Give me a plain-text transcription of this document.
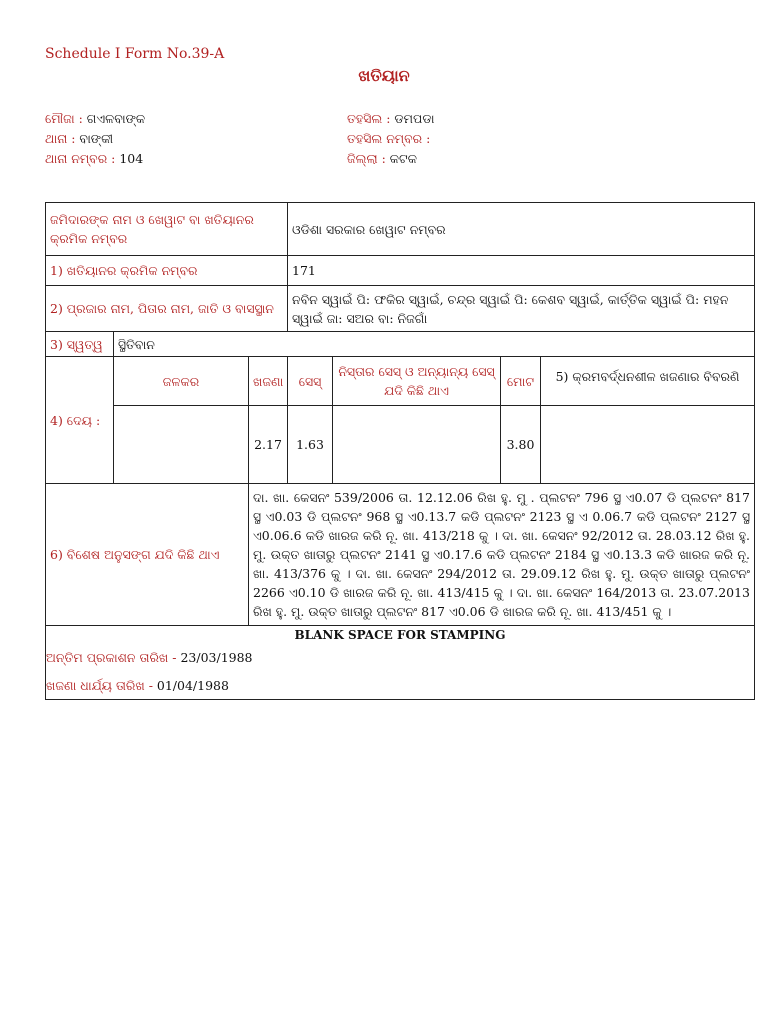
Schedule I Form No.39-A
ଖତିୟାନ
ମୌଜା : ଗଏଳବାଙ୍କ
ଥାନା : ବାଙ୍କୀ
ଥାନା ନମ୍ବର : 104
ତହସିଲ : ଡମପଡା
ତହସିଲ ନମ୍ବର :
ଜିଲ୍ଲା : କଟକ
ଜମିଦାରଙ୍କ ନାମ ଓ ଖେୱାଟ ବା ଖତିୟାନର କ୍ରମିକ ନମ୍ବର			ଓଡିଶା ସରକାର ଖେୱାଟ ନମ୍ବର			
1) ଖତିୟାନର କ୍ରମିକ ନମ୍ବର			171			
2) ପ୍ରଜାର ନାମ, ପିତାର ନାମ, ଜାତି ଓ ବାସସ୍ଥାନ			ନବିନ ସ୍ୱାଇଁ ପି: ଫକିର ସ୍ୱାଇଁ, ଚନ୍ଦ୍ର ସ୍ୱାଇଁ ପି: କେଶବ ସ୍ୱାଇଁ, କାର୍ତ୍ତିକ ସ୍ୱାଇଁ ପି: ମହନ ସ୍ୱାଇଁ ଜା: ସଅର ବା: ନିଜଗାଁ			
3) ସ୍ୱତ୍ୱ	ସ୍ଥିତିବାନ					
4) ଦେୟ :	ଜଳକର	ଖଜଣା	ସେସ୍	ନିସ୍ତାର ସେସ୍ ଓ ଅନ୍ୟାନ୍ୟ ସେସ୍ ଯଦି କିଛି ଥାଏ	ମୋଟ	5) କ୍ରମବର୍ଦ୍ଧନଶୀଳ ଖଜଣାର ବିବରଣି
		2.17	1.63		3.80	
6) ବିଶେଷ ଅନୁସଙ୍ଗ ଯଦି କିଛି ଥାଏ		ଦା. ଖା. କେସନଂ 539/2006 ତା. 12.12.06 ରିଖ ହୁ. ମୁ . ପ୍ଲଟନଂ 796 ସ୍ଥ ଏ0.07 ଡି ପ୍ଲଟନଂ 817 ସ୍ଥ ଏ0.03 ଡି ପ୍ଲଟନଂ 968 ସ୍ଥ ଏ0.13.7 କଡି ପ୍ଲଟନଂ 2123 ସ୍ଥ ଏ 0.06.7 କଡି ପ୍ଲଟନଂ 2127 ସ୍ଥ ଏ0.06.6 କଡି ଖାରଜ କରି ନୂ. ଖା. 413/218 କୁ । ଦା. ଖା. କେସନଂ 92/2012 ତା. 28.03.12 ରିଖ ହୁ. ମୁ. ଉକ୍ତ ଖାତାରୁ ପ୍ଲଟନଂ 2141 ସ୍ଥ ଏ0.17.6 କଡି ପ୍ଲଟନଂ 2184 ସ୍ଥ ଏ0.13.3 କଡି ଖାରଜ କରି ନୂ. ଖା. 413/376 କୁ । ଦା. ଖା. କେସନଂ 294/2012 ତା. 29.09.12 ରିଖ ହୁ. ମୁ. ଉକ୍ତ ଖାତାରୁ ପ୍ଲଟନଂ 2266 ଏ0.10 ଡି ଖାରଜ କରି ନୂ. ଖା. 413/415 କୁ । ଦା. ଖା. କେସନଂ 164/2013 ତା. 23.07.2013 ରିଖ ହୁ. ମୁ. ଉକ୍ତ ଖାତାରୁ ପ୍ଲଟନଂ 817 ଏ0.06 ଡି ଖାରଜ କରି ନୂ. ଖା. 413/451 କୁ ।				

BLANK SPACE FOR STAMPING
ଅନ୍ତିମ ପ୍ରକାଶନ ତାରିଖ - 23/03/1988
ଖଜଣା ଧାର୍ଯ୍ୟ ତାରିଖ - 01/04/1988						
